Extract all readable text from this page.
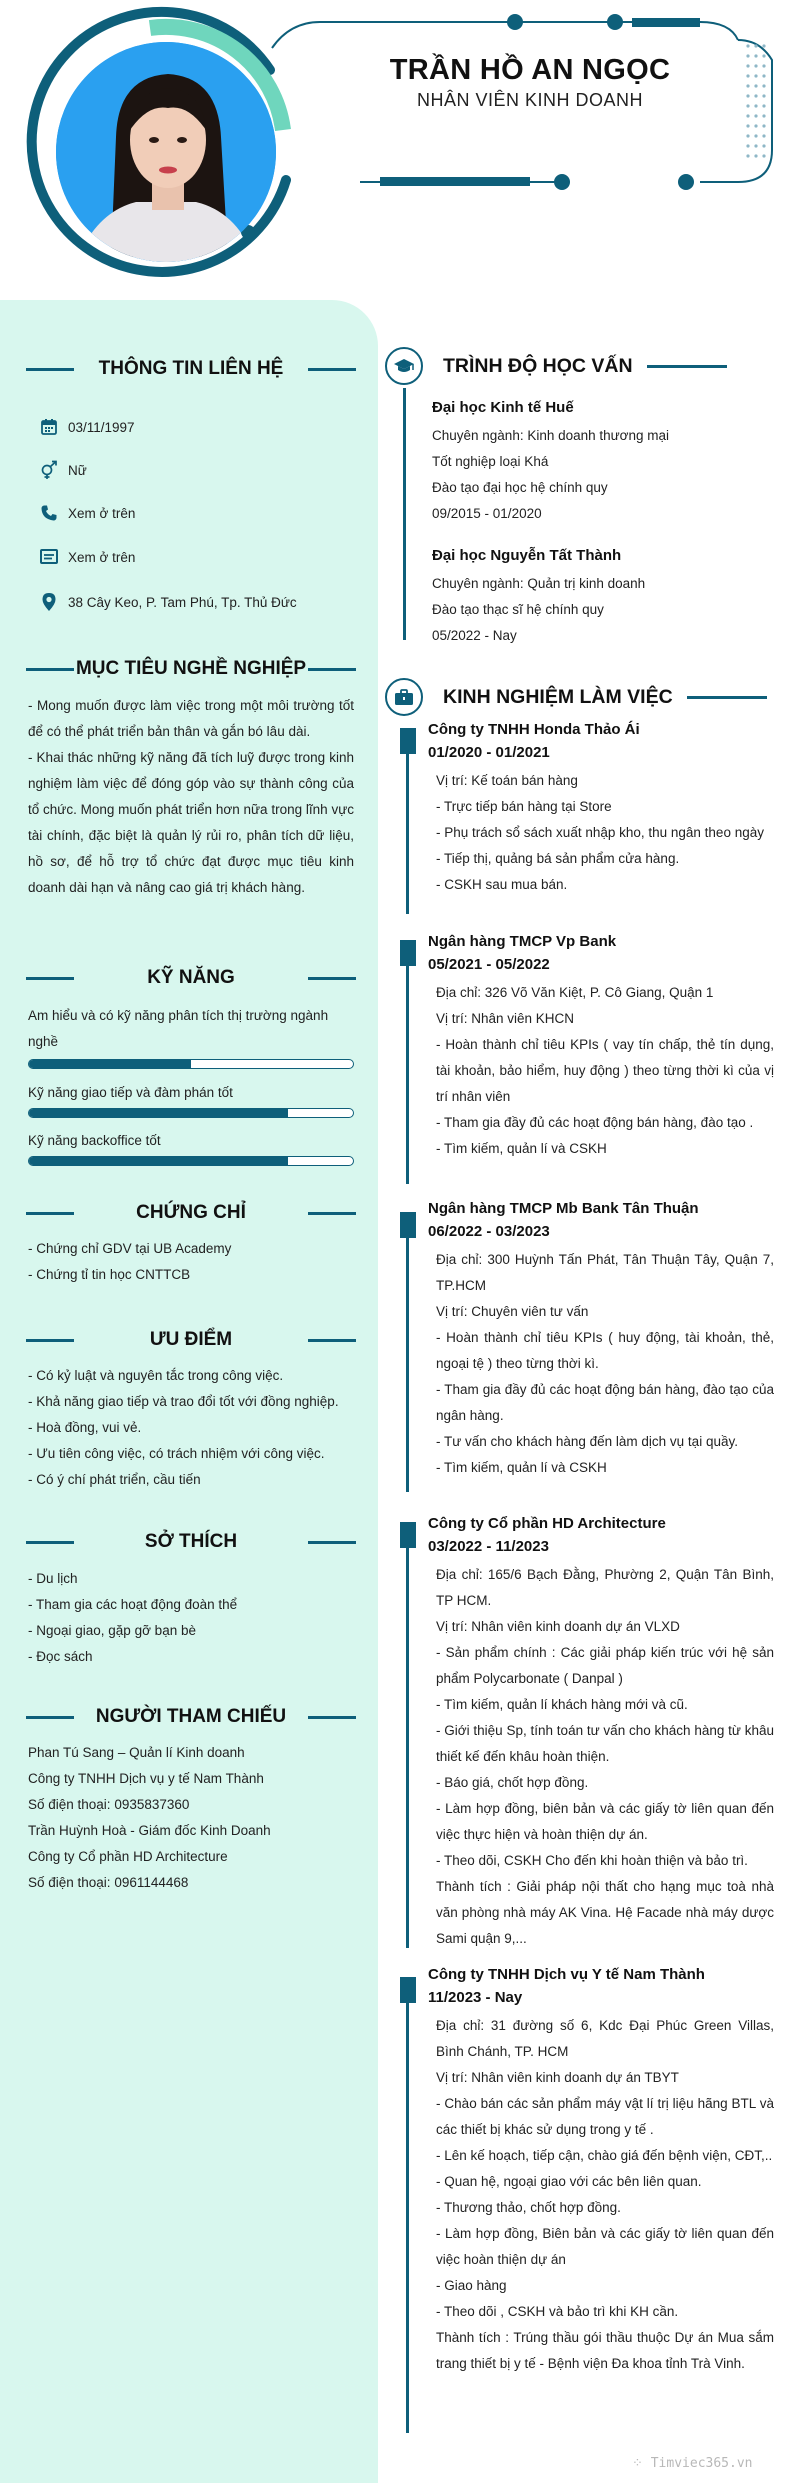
TRẦN HỒ AN NGỌC
NHÂN VIÊN KINH DOANH
THÔNG TIN LIÊN HỆ
03/11/1997
Nữ
Xem ở trên
Xem ở trên
38 Cây Keo, P. Tam Phú, Tp. Thủ Đức
MỤC TIÊU NGHỀ NGHIỆP
- Mong muốn được làm việc trong một môi trường tốt để có thể phát triển bản thân và gắn bó lâu dài.
- Khai thác những kỹ năng đã tích luỹ được trong kinh nghiệm làm việc để đóng góp vào sự thành công của tổ chức. Mong muốn phát triển hơn nữa trong lĩnh vực tài chính, đặc biệt là quản lý rủi ro, phân tích dữ liệu, hồ sơ, để hỗ trợ tổ chức đạt được mục tiêu kinh doanh dài hạn và nâng cao giá trị khách hàng.
KỸ NĂNG
Am hiểu và có kỹ năng phân tích thị trường ngành nghề
Kỹ năng giao tiếp và đàm phán tốt
Kỹ năng backoffice tốt
CHỨNG CHỈ
- Chứng chỉ GDV tại UB Academy
- Chứng tỉ tin học CNTTCB
ƯU ĐIỂM
- Có kỷ luật và nguyên tắc trong công việc.
- Khả năng giao tiếp và trao đổi tốt với đồng nghiệp.
- Hoà đồng, vui vẻ.
- Ưu tiên công việc, có trách nhiệm với công việc.
- Có ý chí phát triển, cầu tiến
SỞ THÍCH
- Du lịch
- Tham gia các hoạt động đoàn thể
- Ngoại giao, gặp gỡ bạn bè
- Đọc sách
NGƯỜI THAM CHIẾU
Phan Tú Sang – Quản lí Kinh doanh
Công ty TNHH Dịch vụ y tế Nam Thành
Số điện thoại: 0935837360
Trần Huỳnh Hoà - Giám đốc Kinh Doanh
Công ty Cổ phần HD Architecture
Số điện thoại: 0961144468
TRÌNH ĐỘ HỌC VẤN
Đại học Kinh tế Huế
Chuyên ngành: Kinh doanh thương mại
Tốt nghiệp loại Khá
Đào tạo đại học hệ chính quy
09/2015 - 01/2020
Đại học Nguyễn Tất Thành
Chuyên ngành: Quản trị kinh doanh
Đào tạo thạc sĩ hệ chính quy
05/2022 - Nay
KINH NGHIỆM LÀM VIỆC
Công ty TNHH Honda Thảo Ái
01/2020 - 01/2021
Vị trí: Kế toán bán hàng
- Trực tiếp bán hàng tại Store
- Phụ trách sổ sách xuất nhập kho, thu ngân theo ngày
- Tiếp thị, quảng bá sản phẩm cửa hàng.
- CSKH sau mua bán.
Ngân hàng TMCP Vp Bank
05/2021 - 05/2022
Địa chỉ: 326 Võ Văn Kiệt, P. Cô Giang, Quận 1
Vị trí: Nhân viên KHCN
- Hoàn thành chỉ tiêu KPIs ( vay tín chấp, thẻ tín dụng, tài khoản, bảo hiểm, huy động ) theo từng thời kì của vị trí nhân viên
- Tham gia đầy đủ các hoạt động bán hàng, đào tạo .
- Tìm kiếm, quản lí và CSKH
Ngân hàng TMCP Mb Bank Tân Thuận
06/2022 - 03/2023
Địa chỉ: 300 Huỳnh Tấn Phát, Tân Thuận Tây, Quận 7, TP.HCM
Vị trí: Chuyên viên tư vấn
- Hoàn thành chỉ tiêu KPIs ( huy động, tài khoản, thẻ, ngoại tệ ) theo từng thời kì.
- Tham gia đầy đủ các hoạt động bán hàng, đào tạo của ngân hàng.
- Tư vấn cho khách hàng đến làm dịch vụ tại quầy.
- Tìm kiếm, quản lí và CSKH
Công ty Cổ phần HD Architecture
03/2022 - 11/2023
Địa chỉ: 165/6 Bạch Đằng, Phường 2, Quận Tân Bình, TP HCM.
Vị trí: Nhân viên kinh doanh dự án VLXD
- Sản phẩm chính : Các giải pháp kiến trúc với hệ sản phẩm Polycarbonate ( Danpal )
- Tìm kiếm, quản lí khách hàng mới và cũ.
- Giới thiệu Sp, tính toán tư vấn cho khách hàng từ khâu thiết kế đến khâu hoàn thiện.
- Báo giá, chốt hợp đồng.
- Làm hợp đồng, biên bản và các giấy tờ liên quan đến việc thực hiện và hoàn thiện dự án.
- Theo dõi, CSKH Cho đến khi hoàn thiện và bảo trì.
Thành tích : Giải pháp nội thất cho hạng mục toà nhà văn phòng nhà máy AK Vina. Hệ Facade nhà máy dược Sami quận 9,...
Công ty TNHH Dịch vụ Y tế Nam Thành
11/2023 - Nay
Địa chỉ: 31 đường số 6, Kdc Đại Phúc Green Villas, Bình Chánh, TP. HCM
Vị trí: Nhân viên kinh doanh dự án TBYT
- Chào bán các sản phẩm máy vật lí trị liệu hãng BTL và các thiết bị khác sử dụng trong y tế .
- Lên kế hoạch, tiếp cận, chào giá đến bệnh viện, CĐT,..
- Quan hệ, ngoại giao với các bên liên quan.
- Thương thảo, chốt hợp đồng.
- Làm hợp đồng, Biên bản và các giấy tờ liên quan đến việc hoàn thiện dự án
- Giao hàng
- Theo dõi , CSKH và bảo trì khi KH cần.
Thành tích : Trúng thầu gói thầu thuộc Dự án Mua sắm trang thiết bị y tế - Bệnh viện Đa khoa tỉnh Trà Vinh.
⁘ Timviec365.vn
